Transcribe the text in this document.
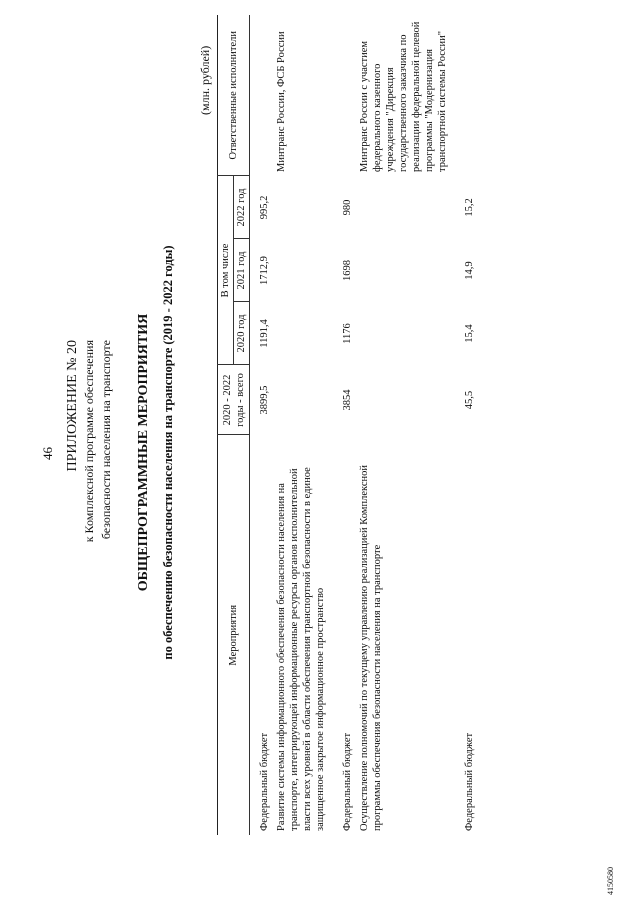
46 ПРИЛОЖЕНИЕ № 20 к Комплексной программе обеспечения безопасности населения на транспорте ОБЩЕПРОГРАММНЫЕ МЕРОПРИЯТИЯ по обеспечению безопасности населения на транспорте (2019 - 2022 годы)
(млн. рублей)
Мероприятия	2020 - 2022 годы - всего	В том числе			Ответственные исполнители
		2020 год	2021 год	2022 год	
Федеральный бюджет	3899,5	1191,4	1712,9	995,2	
Развитие системы информационного обеспечения безопасности населения на транспорте, интегрирующей информационные ресурсы органов исполнительной власти всех уровней в области обеспечения транспортной безопасности в единое защищенное закрытое информационное пространство					Минтранс России, ФСБ России

Федеральный бюджет	3854	1176	1698	980	
Осуществление полномочий по текущему управлению реализацией Комплексной программы обеспечения безопасности населения на транспорте					Минтранс России с участием федерального казенного учреждения "Дирекция государственного заказчика по реализации федеральной целевой программы "Модернизация транспортной системы России"

Федеральный бюджет	45,5	15,4	14,9	15,2	
4150580
